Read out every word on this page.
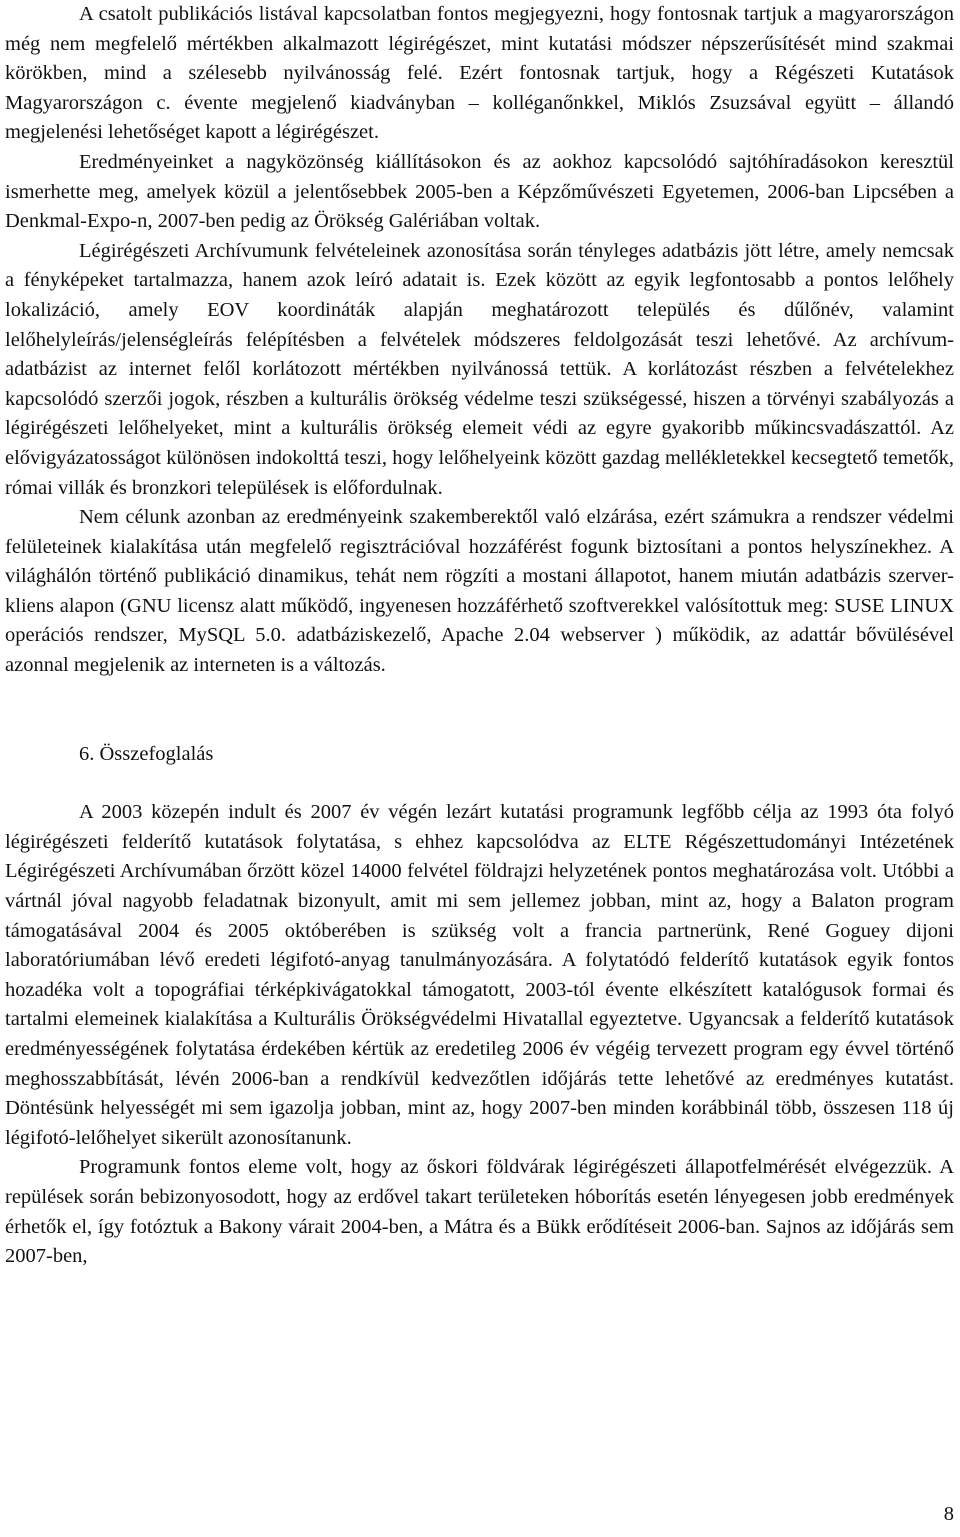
A csatolt publikációs listával kapcsolatban fontos megjegyezni, hogy fontosnak tartjuk a magyarországon még nem megfelelő mértékben alkalmazott légirégészet, mint kutatási módszer népszerűsítését mind szakmai körökben, mind a szélesebb nyilvánosság felé. Ezért fontosnak tartjuk, hogy a Régészeti Kutatások Magyarországon c. évente megjelenő kiadványban – kolléganőnkkel, Miklós Zsuzsával együtt – állandó megjelenési lehetőséget kapott a légirégészet.

Eredményeinket a nagyközönség kiállításokon és az aokhoz kapcsolódó sajtóhíradásokon keresztül ismerhette meg, amelyek közül a jelentősebbek 2005-ben a Képzőművészeti Egyetemen, 2006-ban Lipcsében a Denkmal-Expo-n, 2007-ben pedig az Örökség Galériában voltak.

Légirégészeti Archívumunk felvételeinek azonosítása során tényleges adatbázis jött létre, amely nemcsak a fényképeket tartalmazza, hanem azok leíró adatait is. Ezek között az egyik legfontosabb a pontos lelőhely lokalizáció, amely EOV koordináták alapján meghatározott település és dűlőnév, valamint lelőhelyleírás/jelenségleírás felépítésben a felvételek módszeres feldolgozását teszi lehetővé. Az archívum-adatbázist az internet felől korlátozott mértékben nyilvánossá tettük. A korlátozást részben a felvételekhez kapcsolódó szerzői jogok, részben a kulturális örökség védelme teszi szükségessé, hiszen a törvényi szabályozás a légirégészeti lelőhelyeket, mint a kulturális örökség elemeit védi az egyre gyakoribb műkincsvadászattól. Az elővigyázatosságot különösen indokolttá teszi, hogy lelőhelyeink között gazdag mellékletekkel kecsegtető temetők, római villák és bronzkori települések is előfordulnak.

Nem célunk azonban az eredményeink szakemberektől való elzárása, ezért számukra a rendszer védelmi felületeinek kialakítása után megfelelő regisztrációval hozzáférést fogunk biztosítani a pontos helyszínekhez. A világhálón történő publikáció dinamikus, tehát nem rögzíti a mostani állapotot, hanem miután adatbázis szerver-kliens alapon (GNU licensz alatt működő, ingyenesen hozzáférhető szoftverekkel valósítottuk meg: SUSE LINUX operációs rendszer, MySQL 5.0. adatbáziskezelő, Apache 2.04 webserver ) működik, az adattár bővülésével azonnal megjelenik az interneten is a változás.

6. Összefoglalás

A 2003 közepén indult és 2007 év végén lezárt kutatási programunk legfőbb célja az 1993 óta folyó légirégészeti felderítő kutatások folytatása, s ehhez kapcsolódva az ELTE Régészettudományi Intézetének Légirégészeti Archívumában őrzött közel 14000 felvétel földrajzi helyzetének pontos meghatározása volt. Utóbbi a vártnál jóval nagyobb feladatnak bizonyult, amit mi sem jellemez jobban, mint az, hogy a Balaton program támogatásával 2004 és 2005 októberében is szükség volt a francia partnerünk, René Goguey dijoni laboratóriumában lévő eredeti légifotó-anyag tanulmányozására. A folytatódó felderítő kutatások egyik fontos hozadéka volt a topográfiai térképkivágatokkal támogatott, 2003-tól évente elkészített katalógusok formai és tartalmi elemeinek kialakítása a Kulturális Örökségvédelmi Hivatallal egyeztetve. Ugyancsak a felderítő kutatások eredményességének folytatása érdekében kértük az eredetileg 2006 év végéig tervezett program egy évvel történő meghosszabbítását, lévén 2006-ban a rendkívül kedvezőtlen időjárás tette lehetővé az eredményes kutatást. Döntésünk helyességét mi sem igazolja jobban, mint az, hogy 2007-ben minden korábbinál több, összesen 118 új légifotó-lelőhelyet sikerült azonosítanunk.

Programunk fontos eleme volt, hogy az őskori földvárak légirégészeti állapotfelmérését elvégezzük. A repülések során bebizonyosodott, hogy az erdővel takart területeken hóborítás esetén lényegesen jobb eredmények érhetők el, így fotóztuk a Bakony várait 2004-ben, a Mátra és a Bükk erődítéseit 2006-ban. Sajnos az időjárás sem 2007-ben,

8
